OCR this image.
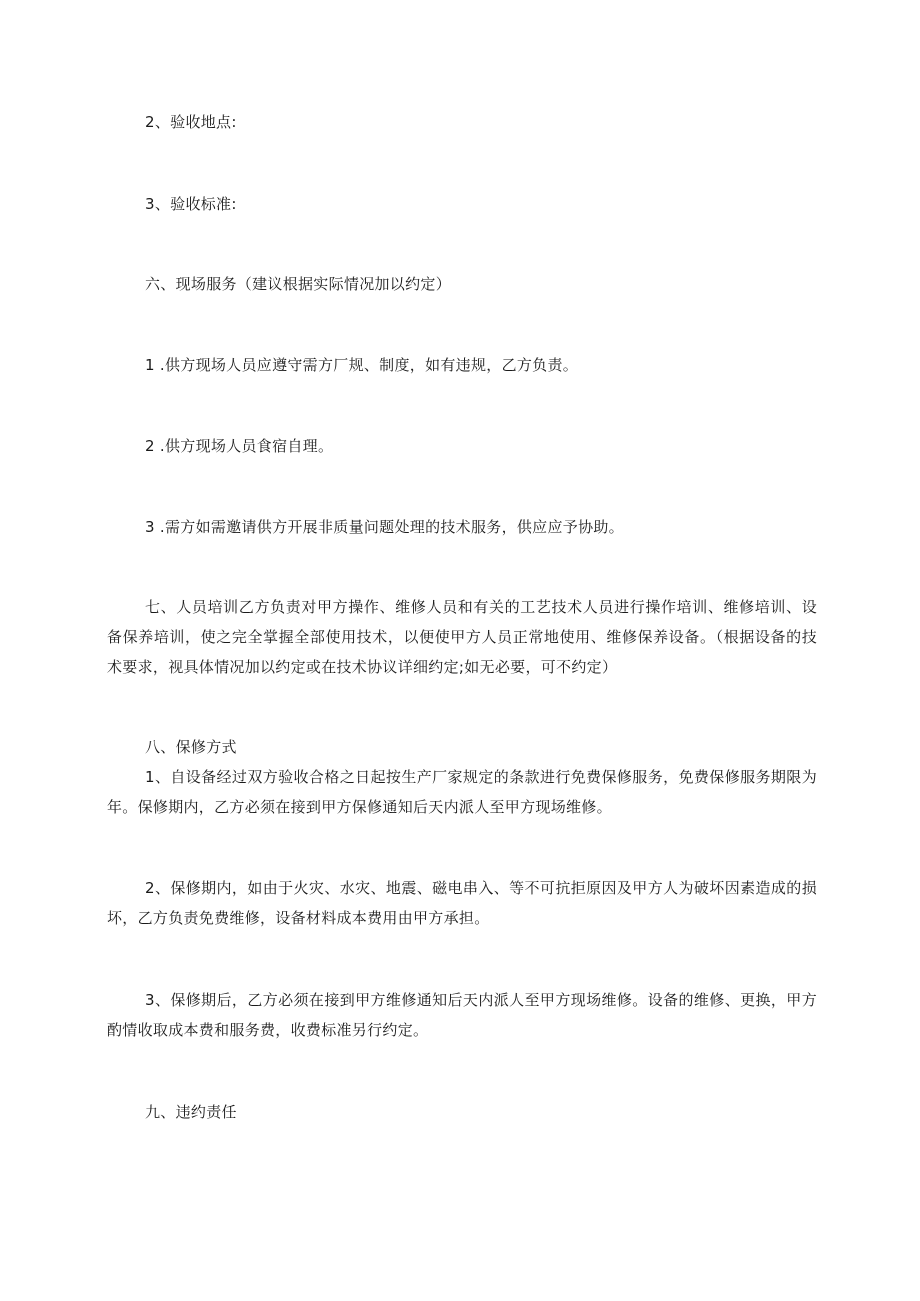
2、验收地点:
3、验收标准:
六、现场服务（建议根据实际情况加以约定）
1 .供方现场人员应遵守需方厂规、制度，如有违规，乙方负责。
2 .供方现场人员食宿自理。
3 .需方如需邀请供方开展非质量问题处理的技术服务，供应应予协助。
七、人员培训乙方负责对甲方操作、维修人员和有关的工艺技术人员进行操作培训、维修培训、设备保养培训，使之完全掌握全部使用技术，以便使甲方人员正常地使用、维修保养设备。（根据设备的技术要求，视具体情况加以约定或在技术协议详细约定;如无必要，可不约定）
八、保修方式
1、自设备经过双方验收合格之日起按生产厂家规定的条款进行免费保修服务，免费保修服务期限为年。保修期内，乙方必须在接到甲方保修通知后天内派人至甲方现场维修。
2、保修期内，如由于火灾、水灾、地震、磁电串入、等不可抗拒原因及甲方人为破坏因素造成的损坏，乙方负责免费维修，设备材料成本费用由甲方承担。
3、保修期后，乙方必须在接到甲方维修通知后天内派人至甲方现场维修。设备的维修、更换，甲方酌情收取成本费和服务费，收费标准另行约定。
九、违约责任
